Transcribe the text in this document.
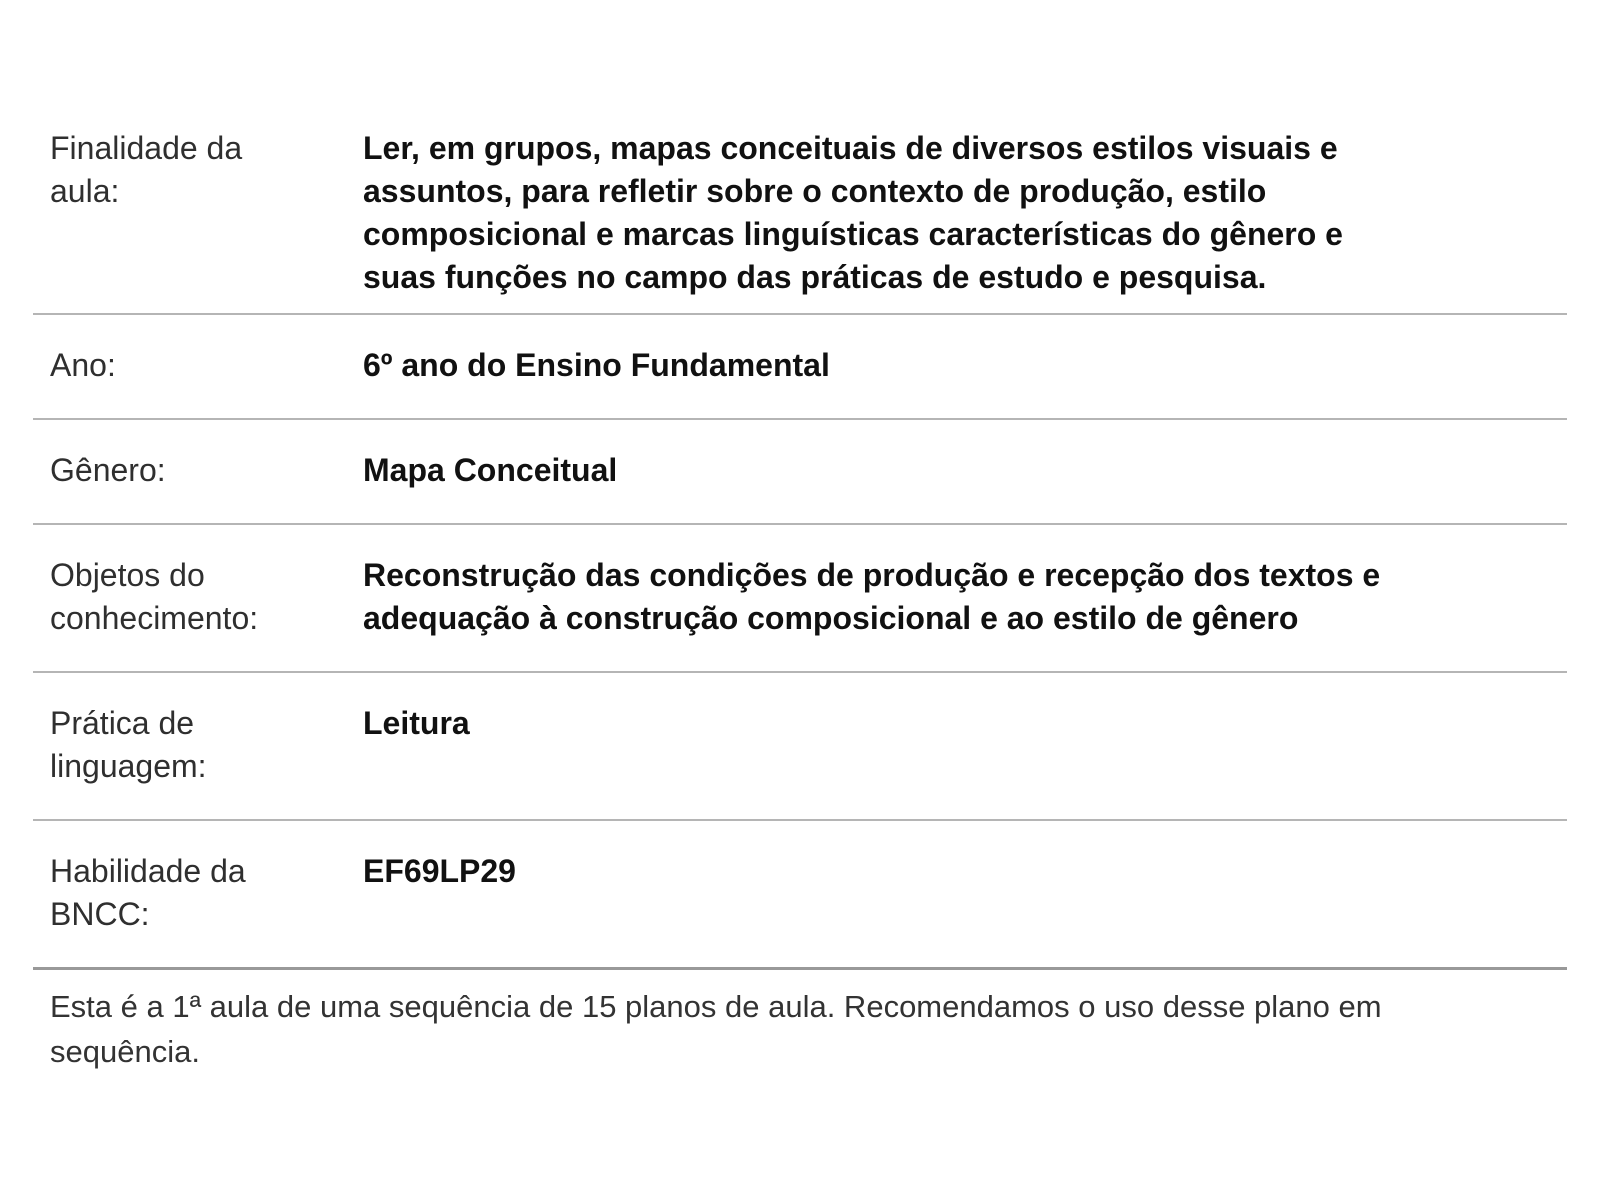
Finalidade da aula:
Ler, em grupos, mapas conceituais de diversos estilos visuais e assuntos, para refletir sobre o contexto de produção, estilo composicional e marcas linguísticas características do gênero e suas funções no campo das práticas de estudo e pesquisa.
Ano:	6º ano do Ensino Fundamental
Gênero:	Mapa Conceitual
Objetos do conhecimento:
Reconstrução das condições de produção e recepção dos textos e adequação à construção composicional e ao estilo de gênero
Prática de linguagem:
Leitura
Habilidade da BNCC:
EF69LP29

Esta é a 1ª aula de uma sequência de 15 planos de aula. Recomendamos o uso desse plano em sequência.
